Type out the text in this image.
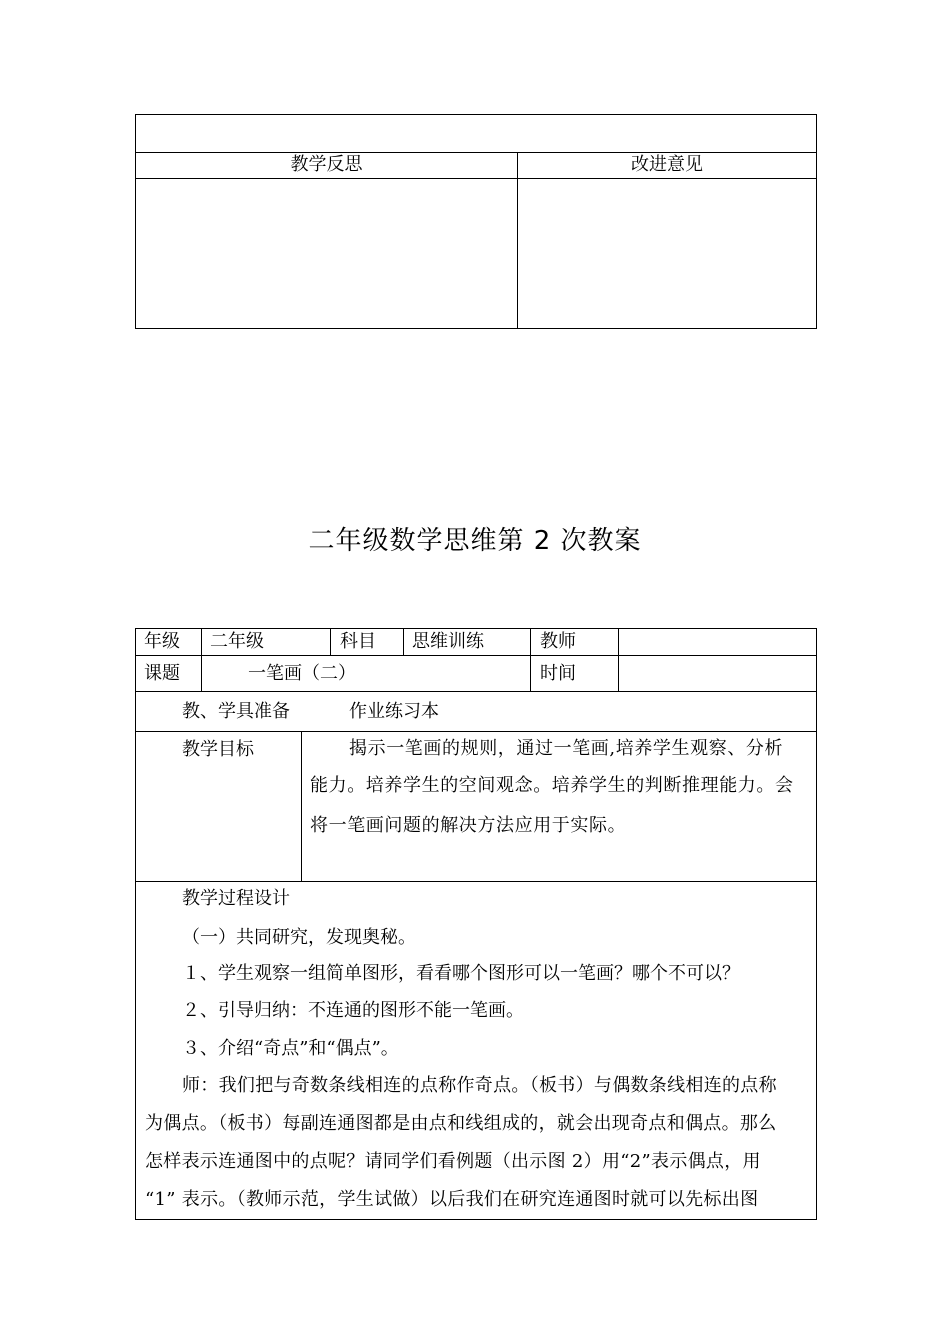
教学反思	改进意见
二年级数学思维第 2 次教案
年级 二年级	科目 思维训练	教师
课题	一笔画（二）	时间
教、学具准备	作业练习本
教学目标	揭示一笔画的规则，通过一笔画,培养学生观察、分析
能力。培养学生的空间观念。培养学生的判断推理能力。会
将一笔画问题的解决方法应用于实际。
教学过程设计
（一）共同研究，发现奥秘。
１、学生观察一组简单图形，看看哪个图形可以一笔画？哪个不可以？
２、引导归纳：不连通的图形不能一笔画。
３、介绍“奇点”和“偶点”。
师：我们把与奇数条线相连的点称作奇点。（板书）与偶数条线相连的点称
为偶点。（板书）每副连通图都是由点和线组成的，就会出现奇点和偶点。那么
怎样表示连通图中的点呢？请同学们看例题（出示图 2）用“2”表示偶点，用
“1” 表示。（教师示范，学生试做）以后我们在研究连通图时就可以先标出图
